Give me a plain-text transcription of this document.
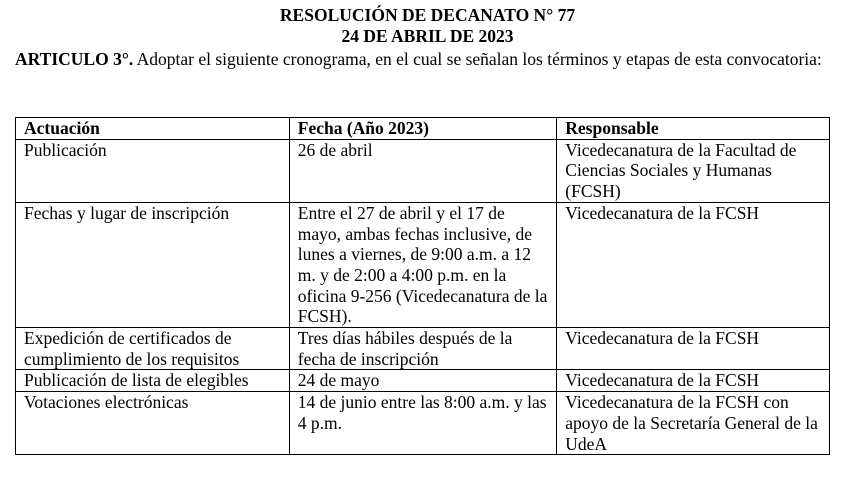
RESOLUCIÓN DE DECANATO N° 77
24 DE ABRIL DE 2023
ARTICULO 3°. Adoptar el siguiente cronograma, en el cual se señalan los términos y etapas de esta convocatoria:
Actuación	Fecha (Año 2023)	Responsable
Publicación	26 de abril	Vicedecanatura de la Facultad de Ciencias Sociales y Humanas (FCSH)
Fechas y lugar de inscripción	Entre el 27 de abril y el 17 de mayo, ambas fechas inclusive, de lunes a viernes, de 9:00 a.m. a 12 m. y de 2:00 a 4:00 p.m. en la oficina 9-256 (Vicedecanatura de la FCSH).	Vicedecanatura de la FCSH
Expedición de certificados de cumplimiento de los requisitos	Tres días hábiles después de la fecha de inscripción	Vicedecanatura de la FCSH
Publicación de lista de elegibles	24 de mayo	Vicedecanatura de la FCSH
Votaciones electrónicas	14 de junio entre las 8:00 a.m. y las 4 p.m.	Vicedecanatura de la FCSH con apoyo de la Secretaría General de la UdeA
